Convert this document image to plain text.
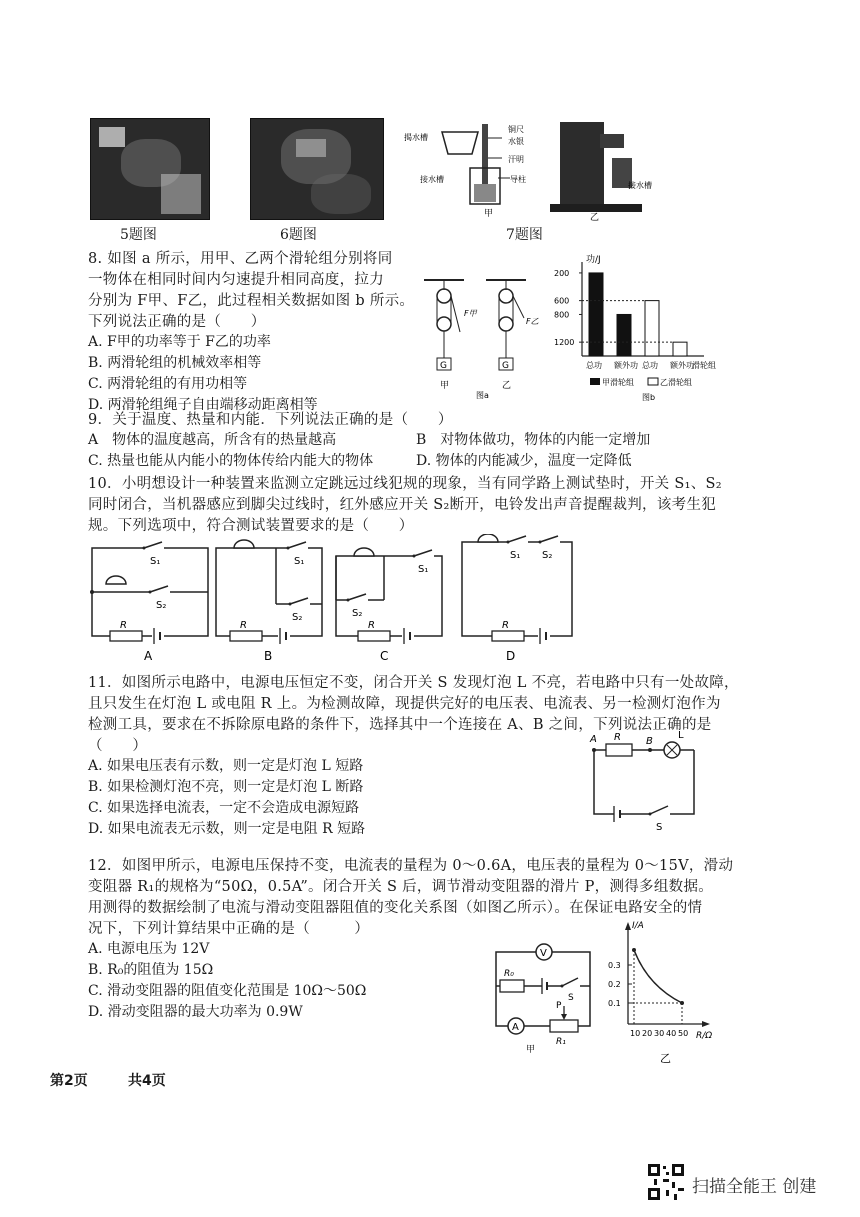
5题图	6题图
揭水槽
铜尺
水银
汗明
接水槽	导柱
甲
接水槽
乙
7题图
8. 如图 a 所示，用甲、乙两个滑轮组分别将同
一物体在相同时间内匀速提升相同高度，拉力
分别为 F甲、F乙，此过程相关数据如图 b 所示。
下列说法正确的是（　　）
A. F甲的功率等于 F乙的功率
B. 两滑轮组的机械效率相等
C. 两滑轮组的有用功相等
D. 两滑轮组绳子自由端移动距离相等
G
F甲
甲
G
F乙
乙
图a
功/J
滑轮组
1200
800
600
200
总功 额外功 总功 额外功
甲滑轮组	乙滑轮组
图b
9．关于温度、热量和内能．下列说法正确的是（　　）
A　物体的温度越高，所含有的热量越高	B　对物体做功，物体的内能一定增加
C. 热量也能从内能小的物体传给内能大的物体	D. 物体的内能减少，温度一定降低
10．小明想设计一种装置来监测立定跳远过线犯规的现象，当有同学路上测试垫时，开关 S₁、S₂
同时闭合，当机器感应到脚尖过线时，红外感应开关 S₂断开，电铃发出声音提醒裁判，该考生犯
规。下列选项中，符合测试装置要求的是（　　）
S₁
S₂
R
A
S₁
S₂
R
B
S₁
S₂
R
C
S₁ S₂
R
D
11．如图所示电路中，电源电压恒定不变，闭合开关 S 发现灯泡 L 不亮，若电路中只有一处故障，
且只发生在灯泡 L 或电阻 R 上。为检测故障，现提供完好的电压表、电流表、另一检测灯泡作为
检测工具，要求在不拆除原电路的条件下，选择其中一个连接在 A、B 之间，下列说法正确的是
（　　）
A. 如果电压表有示数，则一定是灯泡 L 短路
B. 如果检测灯泡不亮，则一定是灯泡 L 断路
C. 如果选择电流表，一定不会造成电源短路
D. 如果电流表无示数，则一定是电阻 R 短路
A R	B
L
S
12．如图甲所示，电源电压保持不变，电流表的量程为 0～0.6A，电压表的量程为 0～15V，滑动
变阻器 R₁的规格为“50Ω，0.5A”。闭合开关 S 后，调节滑动变阻器的滑片 P，测得多组数据。
用测得的数据绘制了电流与滑动变阻器阻值的变化关系图（如图乙所示）。在保证电路安全的情
况下，下列计算结果中正确的是（　　　）
A. 电源电压为 12V
B. R₀的阻值为 15Ω
C. 滑动变阻器的阻值变化范围是 10Ω～50Ω
D. 滑动变阻器的最大功率为 0.9W
V
R₀
S
A
P
R₁
甲
I/A
R/Ω
0.3
0.2
0.1
10 20 30 40 50
乙
第2页	共4页
扫描全能王 创建
